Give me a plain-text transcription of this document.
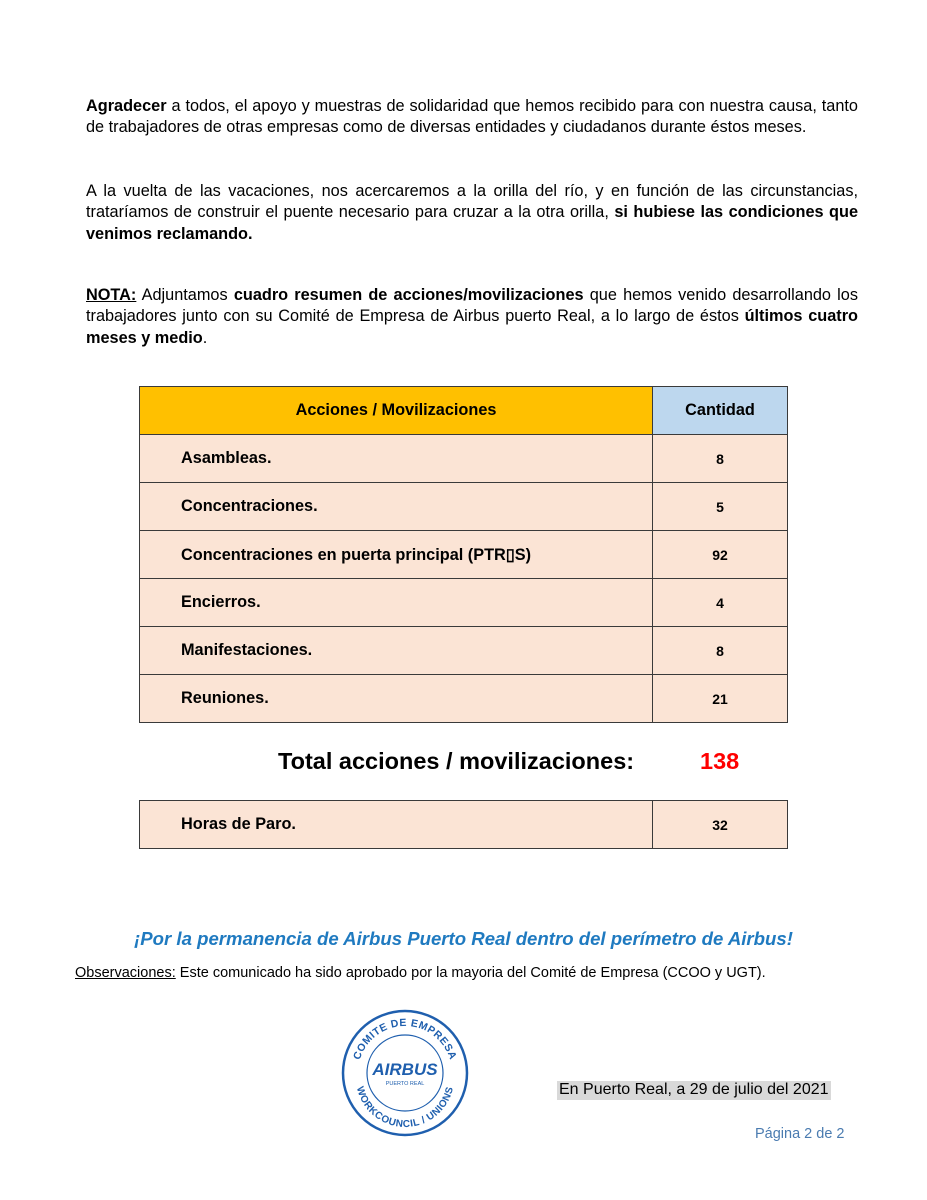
Agradecer a todos, el apoyo y muestras de solidaridad que hemos recibido para con nuestra causa, tanto de trabajadores de otras empresas como de diversas entidades y ciudadanos durante éstos meses.

A la vuelta de las vacaciones, nos acercaremos a la orilla del río, y en función de las circunstancias, trataríamos de construir el puente necesario para cruzar a la otra orilla, si hubiese las condiciones que venimos reclamando.

NOTA: Adjuntamos cuadro resumen de acciones/movilizaciones que hemos venido desarrollando los trabajadores junto con su Comité de Empresa de Airbus puerto Real, a lo largo de éstos últimos cuatro meses y medio.

Acciones / Movilizaciones	Cantidad
Asambleas.	8
Concentraciones.	5
Concentraciones en puerta principal (PTR▯S)	92
Encierros.	4
Manifestaciones.	8
Reuniones.	21
Total acciones / movilizaciones:	138
Horas de Paro.	32
¡Por la permanencia de Airbus Puerto Real dentro del perímetro de Airbus!
Observaciones: Este comunicado ha sido aprobado por la mayoria del Comité de Empresa (CCOO y UGT).
COMITE DE EMPRESA
WORKCOUNCIL / UNIONS
AIRBUS
PUERTO REAL	En Puerto Real, a 29 de julio del 2021
Página 2 de 2
